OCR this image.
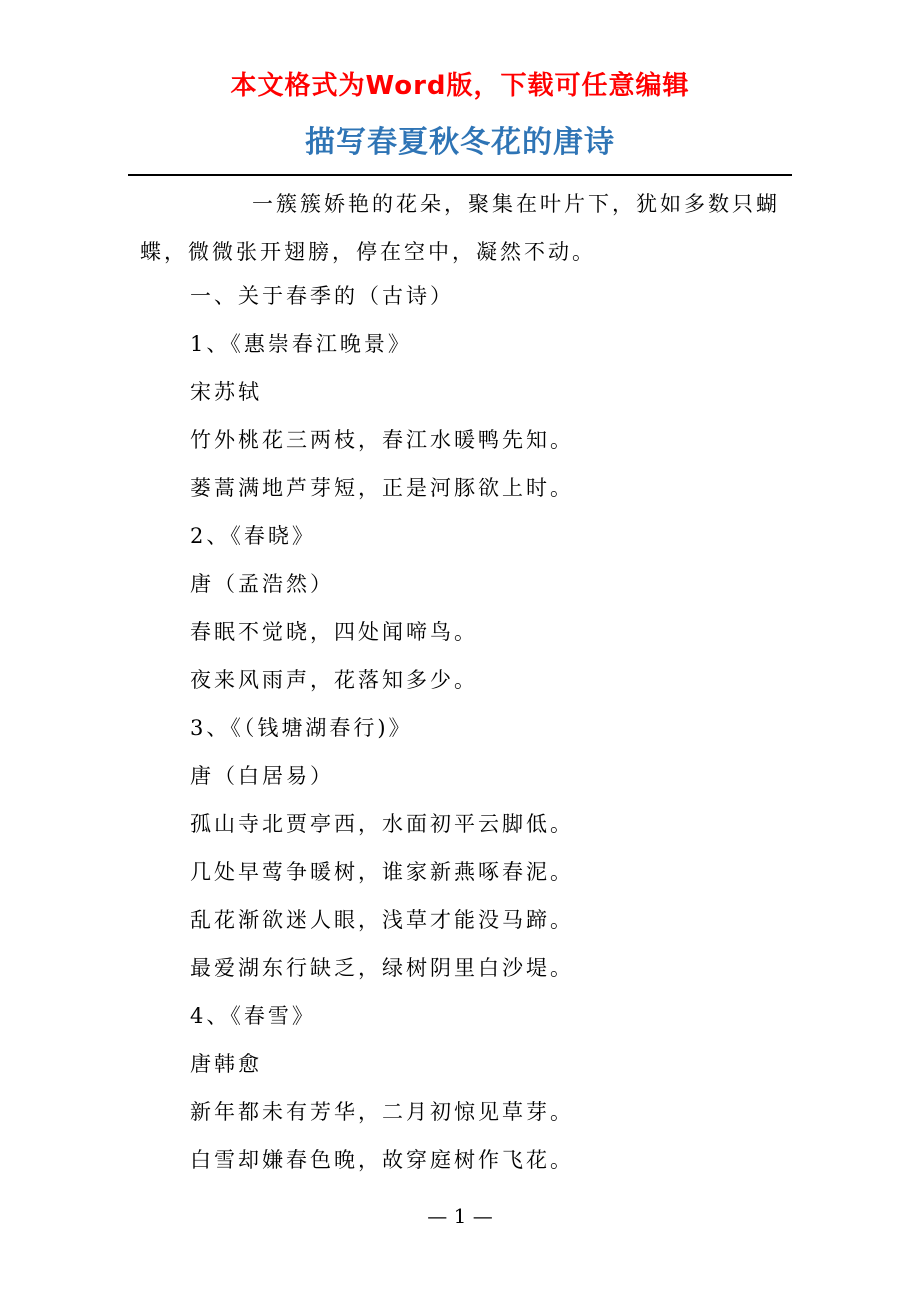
本文格式为Word版，下载可任意编辑
描写春夏秋冬花的唐诗
一簇簇娇艳的花朵，聚集在叶片下，犹如多数只蝴蝶，微微张开翅膀，停在空中，凝然不动。
一、关于春季的（古诗）
1、《惠崇春江晚景》
宋苏轼
竹外桃花三两枝，春江水暖鸭先知。
蒌蒿满地芦芽短，正是河豚欲上时。
2、《春晓》
唐（孟浩然）
春眠不觉晓，四处闻啼鸟。
夜来风雨声，花落知多少。
3、《（钱塘湖春行)》
唐（白居易）
孤山寺北贾亭西，水面初平云脚低。
几处早莺争暖树，谁家新燕啄春泥。
乱花渐欲迷人眼，浅草才能没马蹄。
最爱湖东行缺乏，绿树阴里白沙堤。
4、《春雪》
唐韩愈
新年都未有芳华，二月初惊见草芽。
白雪却嫌春色晚，故穿庭树作飞花。
— 1 —
